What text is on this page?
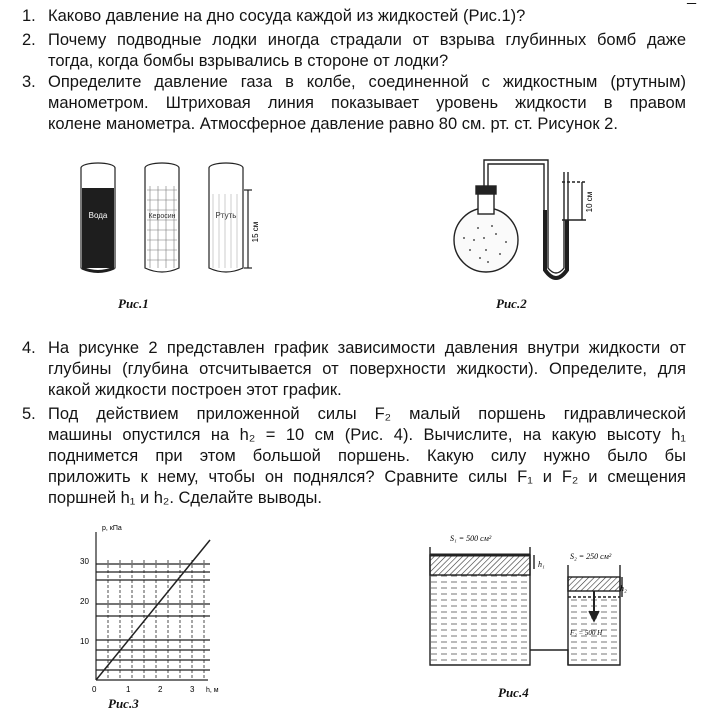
1. Каково давление на дно сосуда каждой из жидкостей (Рис.1)?
2. Почему подводные лодки иногда страдали от взрыва глубинных бомб даже
тогда, когда бомбы взрывались в стороне от лодки?
3. Определите давление газа в колбе, соединенной с жидкостным (ртутным)
манометром. Штриховая линия показывает уровень жидкости в правом
колене манометра. Атмосферное давление равно 80 см. рт. ст. Рисунок 2.
Вода	Керосин	Ртуть
15 см
Рис.1
10 см
Рис.2
4. На рисунке 2 представлен график зависимости давления внутри жидкости от
глубины (глубина отсчитывается от поверхности жидкости). Определите, для
какой жидкости построен этот график.
5. Под действием приложенной силы F₂ малый поршень гидравлической
машины опустился на h₂ = 10 см (Рис. 4). Вычислите, на какую высоту h₁
поднимется при этом большой поршень. Какую силу нужно было бы
приложить к нему, чтобы он поднялся? Сравните силы F₁ и F₂ и смещения
поршней h₁ и h₂. Сделайте выводы.
p, кПа
h, м
10
20
30
0	1	2	3
Рис.3
S₁ = 500 см²
S₂ = 250 см²
h₁
h₂
F₂ = 500 Н
Рис.4
